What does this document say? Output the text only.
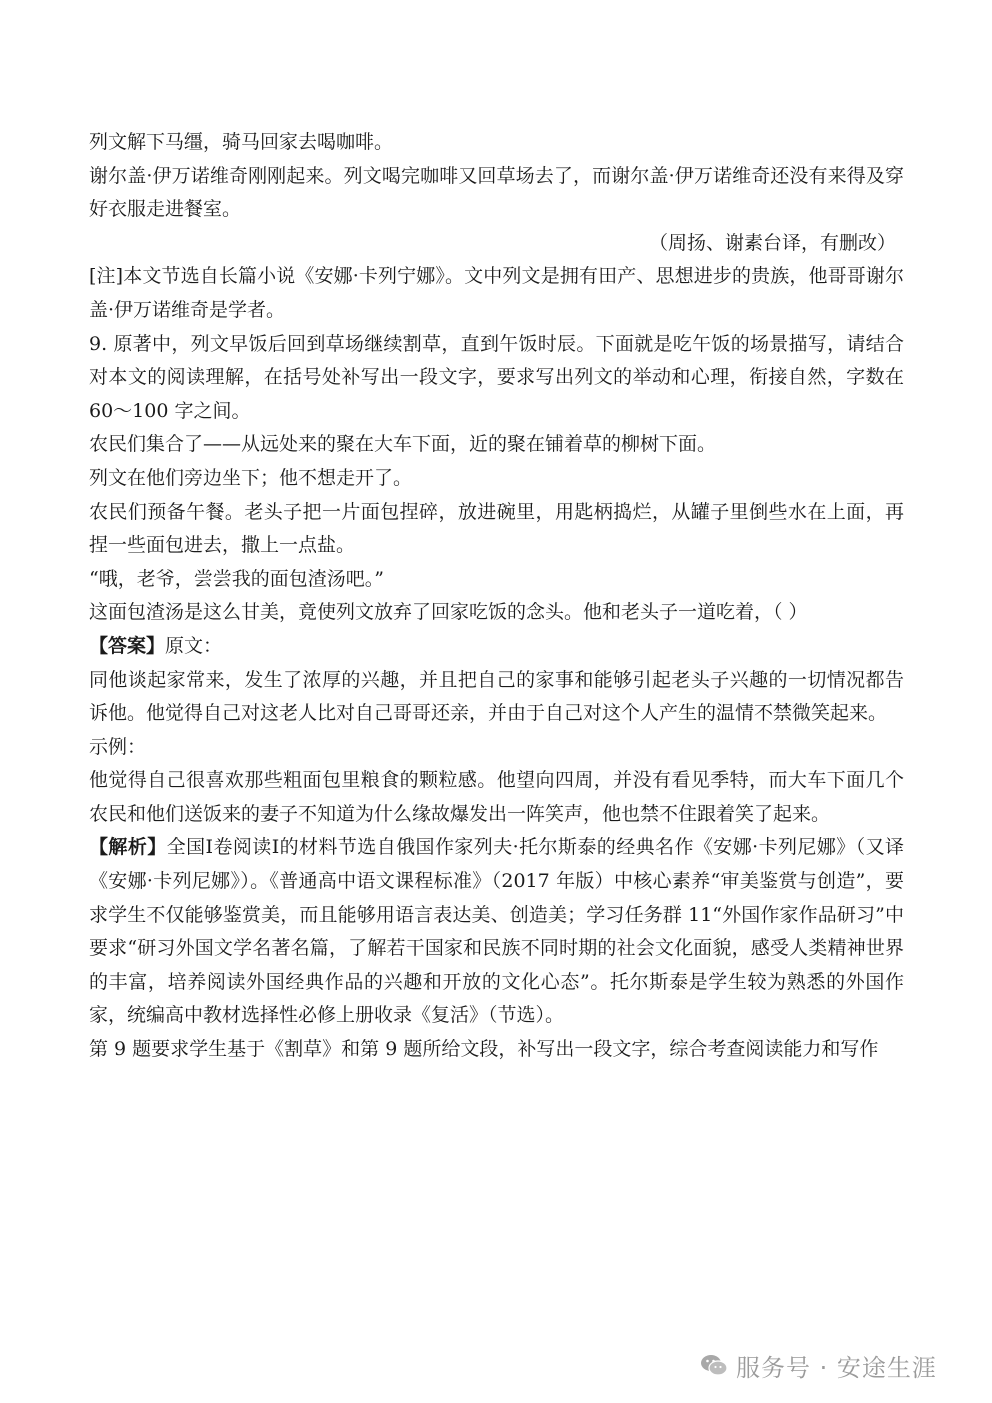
列文解下马缰，骑马回家去喝咖啡。

谢尔盖·伊万诺维奇刚刚起来。列文喝完咖啡又回草场去了，而谢尔盖·伊万诺维奇还没有来得及穿好衣服走进餐室。

（周扬、谢素台译，有删改）

[注]本文节选自长篇小说《安娜·卡列宁娜》。文中列文是拥有田产、思想进步的贵族，他哥哥谢尔盖·伊万诺维奇是学者。

9. 原著中，列文早饭后回到草场继续割草，直到午饭时辰。下面就是吃午饭的场景描写，请结合对本文的阅读理解，在括号处补写出一段文字，要求写出列文的举动和心理，衔接自然，字数在 60～100 字之间。

农民们集合了——从远处来的聚在大车下面，近的聚在铺着草的柳树下面。

列文在他们旁边坐下；他不想走开了。

农民们预备午餐。老头子把一片面包捏碎，放进碗里，用匙柄捣烂，从罐子里倒些水在上面，再捏一些面包进去，撒上一点盐。

“哦，老爷，尝尝我的面包渣汤吧。”

这面包渣汤是这么甘美，竟使列文放弃了回家吃饭的念头。他和老头子一道吃着，（ ）

【答案】原文：

同他谈起家常来，发生了浓厚的兴趣，并且把自己的家事和能够引起老头子兴趣的一切情况都告诉他。他觉得自己对这老人比对自己哥哥还亲，并由于自己对这个人产生的温情不禁微笑起来。

示例：

他觉得自己很喜欢那些粗面包里粮食的颗粒感。他望向四周，并没有看见季特，而大车下面几个农民和他们送饭来的妻子不知道为什么缘故爆发出一阵笑声，他也禁不住跟着笑了起来。

【解析】全国Ⅰ卷阅读Ⅰ的材料节选自俄国作家列夫·托尔斯泰的经典名作《安娜·卡列尼娜》（又译《安娜·卡列尼娜》）。《普通高中语文课程标准》（2017 年版）中核心素养“审美鉴赏与创造”，要求学生不仅能够鉴赏美，而且能够用语言表达美、创造美；学习任务群 11“外国作家作品研习”中要求“研习外国文学名著名篇，了解若干国家和民族不同时期的社会文化面貌，感受人类精神世界的丰富，培养阅读外国经典作品的兴趣和开放的文化心态”。托尔斯泰是学生较为熟悉的外国作家，统编高中教材选择性必修上册收录《复活》（节选）。

第 9 题要求学生基于《割草》和第 9 题所给文段，补写出一段文字，综合考查阅读能力和写作

服务号 · 安途生涯
